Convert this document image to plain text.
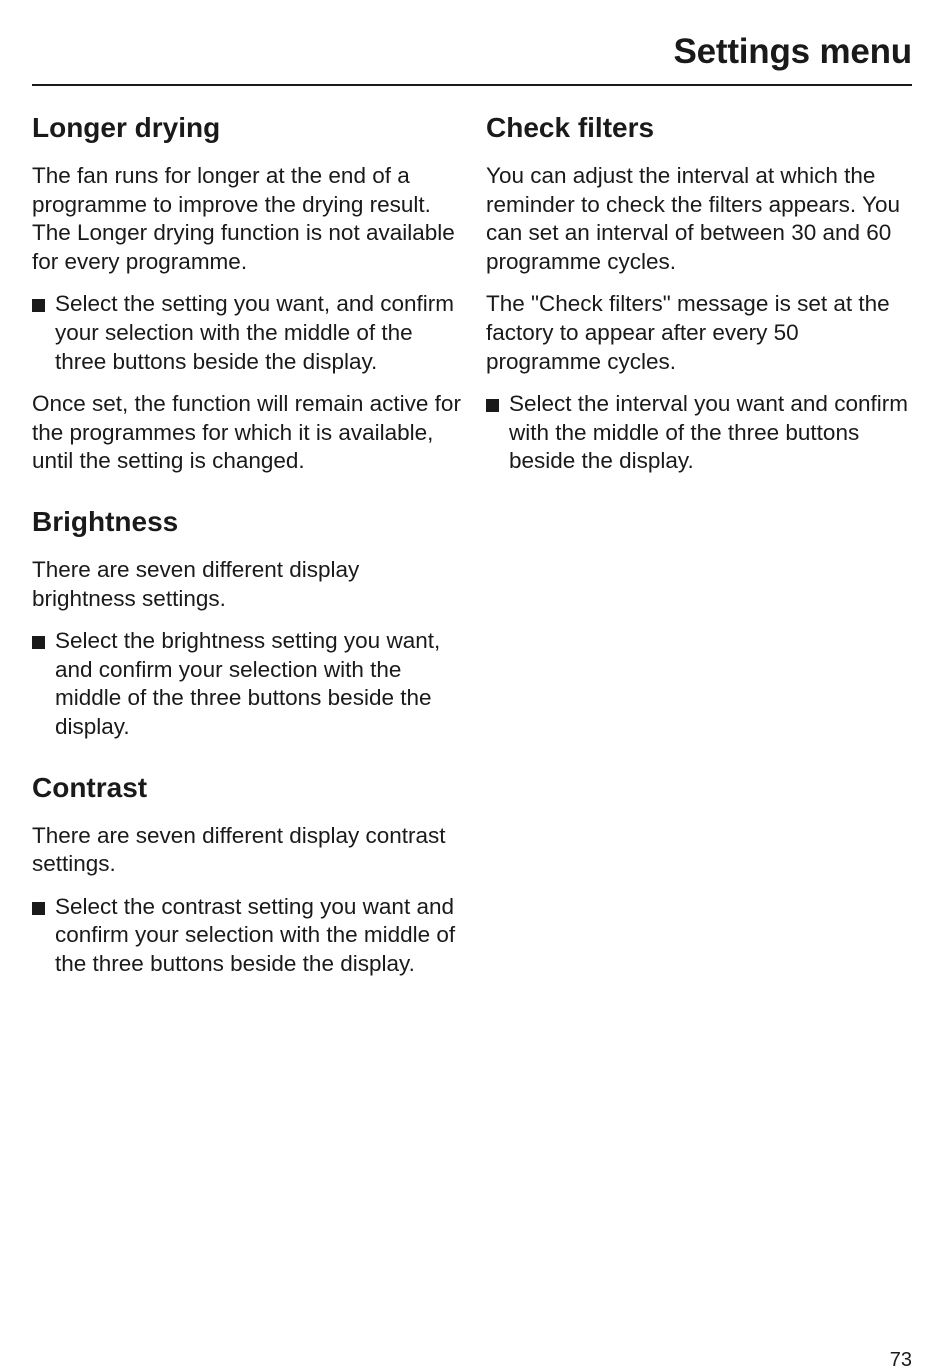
Settings menu
Longer drying

The fan runs for longer at the end of a programme to improve the drying result. The Longer drying function is not available for every programme.

Select the setting you want, and confirm your selection with the middle of the three buttons beside the display.

Once set, the function will remain active for the programmes for which it is available, until the setting is changed.

Brightness

There are seven different display brightness settings.

Select the brightness setting you want, and confirm your selection with the middle of the three buttons beside the display.
Contrast

There are seven different display contrast settings.

Select the contrast setting you want and confirm your selection with the middle of the three buttons beside the display.
Check filters

You can adjust the interval at which the reminder to check the filters appears. You can set an interval of between 30 and 60 programme cycles.

The "Check filters" message is set at the factory to appear after every 50 programme cycles.

Select the interval you want and confirm with the middle of the three buttons beside the display.
73
